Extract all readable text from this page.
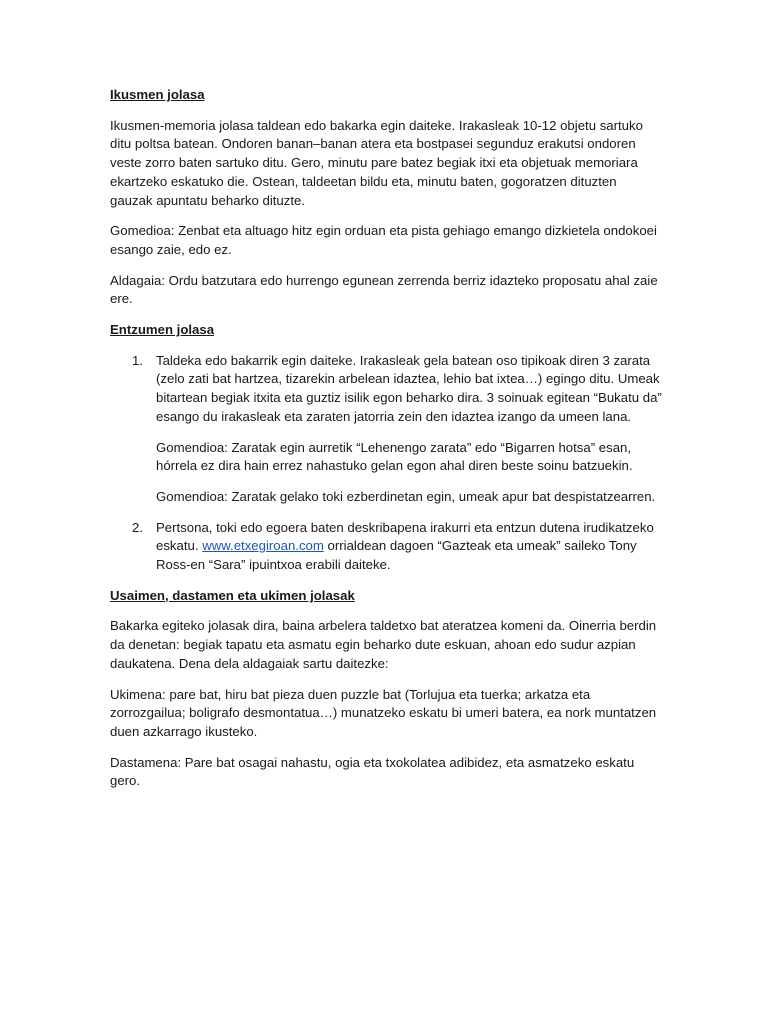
Ikusmen jolasa

Ikusmen-memoria jolasa taldean edo bakarka egin daiteke. Irakasleak 10-12 objetu sartuko ditu poltsa batean. Ondoren banan–banan atera eta bostpasei segunduz erakutsi ondoren veste zorro baten sartuko ditu. Gero, minutu pare batez begiak itxi eta objetuak memoriara ekartzeko eskatuko die. Ostean, taldeetan bildu eta, minutu baten, gogoratzen dituzten gauzak apuntatu beharko dituzte.

Gomedioa: Zenbat eta altuago hitz egin orduan eta pista gehiago emango dizkietela ondokoei esango zaie, edo ez.

Aldagaia: Ordu batzutara edo hurrengo egunean zerrenda berriz idazteko proposatu ahal zaie ere.

Entzumen jolasa
1. Taldeka edo bakarrik egin daiteke. Irakasleak gela batean oso tipikoak diren 3 zarata (zelo zati bat hartzea, tizarekin arbelean idaztea, lehio bat ixtea…) egingo ditu. Umeak bitartean begiak itxita eta guztiz isilik egon beharko dira. 3 soinuak egitean “Bukatu da” esango du irakasleak eta zaraten jatorria zein den idaztea izango da umeen lana.

Gomendioa: Zaratak egin aurretik “Lehenengo zarata” edo “Bigarren hotsa” esan, hórrela ez dira hain errez nahastuko gelan egon ahal diren beste soinu batzuekin.

Gomendioa: Zaratak gelako toki ezberdinetan egin, umeak apur bat despistatzearren.

2. Pertsona, toki edo egoera baten deskribapena irakurri eta entzun dutena irudikatzeko eskatu. www.etxegiroan.com orrialdean dagoen “Gazteak eta umeak” saileko Tony Ross-en “Sara” ipuintxoa erabili daiteke.

Usaimen, dastamen eta ukimen jolasak

Bakarka egiteko jolasak dira, baina arbelera taldetxo bat ateratzea komeni da. Oinerria berdin da denetan: begiak tapatu eta asmatu egin beharko dute eskuan, ahoan edo sudur azpian daukatena. Dena dela aldagaiak sartu daitezke:

Ukimena: pare bat, hiru bat pieza duen puzzle bat (Torlujua eta tuerka; arkatza eta zorrozgailua; boligrafo desmontatua…) munatzeko eskatu bi umeri batera, ea nork muntatzen duen azkarrago ikusteko.

Dastamena: Pare bat osagai nahastu, ogia eta txokolatea adibidez, eta asmatzeko eskatu gero.
